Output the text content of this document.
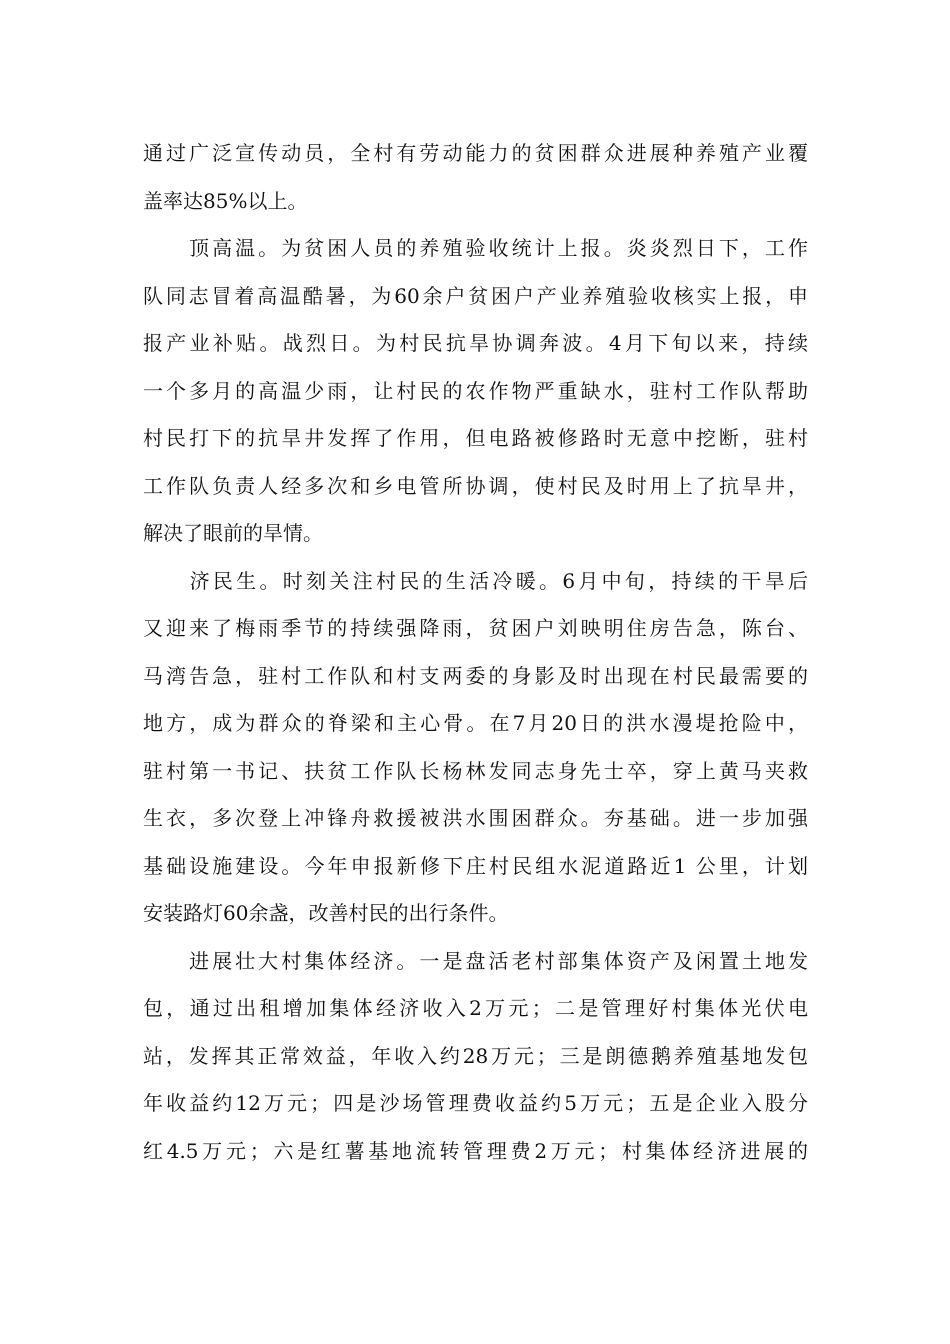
通过广泛宣传动员，全村有劳动能力的贫困群众进展种养殖产业覆
盖率达85%以上。
　　顶高温。为贫困人员的养殖验收统计上报。炎炎烈日下，工作
队同志冒着高温酷暑，为60余户贫困户产业养殖验收核实上报，申
报产业补贴。战烈日。为村民抗旱协调奔波。4月下旬以来，持续
一个多月的高温少雨，让村民的农作物严重缺水，驻村工作队帮助
村民打下的抗旱井发挥了作用，但电路被修路时无意中挖断，驻村
工作队负责人经多次和乡电管所协调，使村民及时用上了抗旱井，
解决了眼前的旱情。
　　济民生。时刻关注村民的生活冷暖。6月中旬，持续的干旱后
又迎来了梅雨季节的持续强降雨，贫困户刘映明住房告急，陈台、
马湾告急，驻村工作队和村支两委的身影及时出现在村民最需要的
地方，成为群众的脊梁和主心骨。在7月20日的洪水漫堤抢险中，
驻村第一书记、扶贫工作队长杨林发同志身先士卒，穿上黄马夹救
生衣，多次登上冲锋舟救援被洪水围困群众。夯基础。进一步加强
基础设施建设。今年申报新修下庄村民组水泥道路近1 公里，计划
安装路灯60余盏，改善村民的出行条件。
　　进展壮大村集体经济。一是盘活老村部集体资产及闲置土地发
包，通过出租增加集体经济收入2万元；二是管理好村集体光伏电
站，发挥其正常效益，年收入约28万元；三是朗德鹅养殖基地发包
年收益约12万元；四是沙场管理费收益约5万元；五是企业入股分
红4.5万元；六是红薯基地流转管理费2万元；村集体经济进展的
